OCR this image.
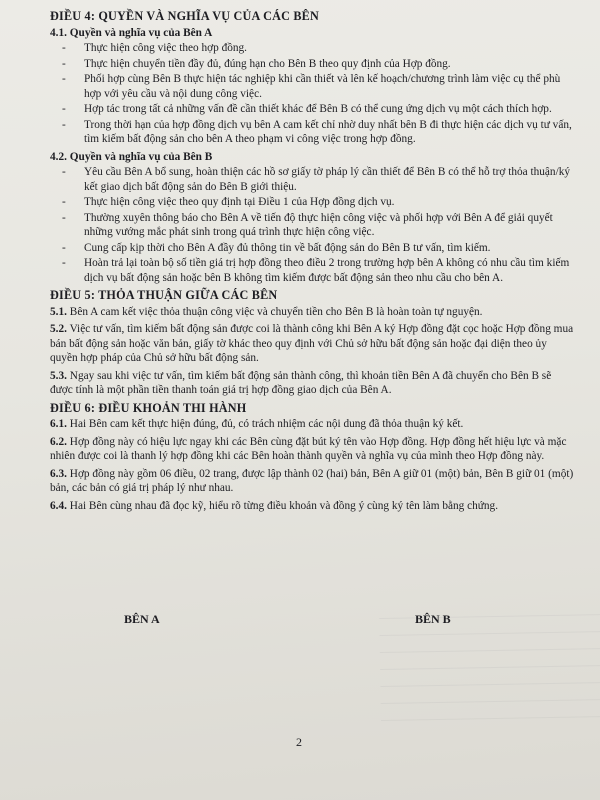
ĐIỀU 4: QUYỀN VÀ NGHĨA VỤ CỦA CÁC BÊN
4.1. Quyền và nghĩa vụ của Bên A
- Thực hiện công việc theo hợp đồng.
- Thực hiện chuyển tiền đầy đủ, đúng hạn cho Bên B theo quy định của Hợp đồng.
- Phối hợp cùng Bên B thực hiện tác nghiệp khi cần thiết và lên kế hoạch/chương trình làm việc cụ thể phù hợp với yêu cầu và nội dung công việc.
- Hợp tác trong tất cả những vấn đề cần thiết khác để Bên B có thể cung ứng dịch vụ một cách thích hợp.
- Trong thời hạn của hợp đồng dịch vụ bên A cam kết chỉ nhờ duy nhất bên B đi thực hiện các dịch vụ tư vấn, tìm kiếm bất động sản cho bên A theo phạm vi công việc trong hợp đồng.
4.2. Quyền và nghĩa vụ của Bên B
- Yêu cầu Bên A bổ sung, hoàn thiện các hồ sơ giấy tờ pháp lý cần thiết để Bên B có thể hỗ trợ thỏa thuận/ký kết giao dịch bất động sản do Bên B giới thiệu.
- Thực hiện công việc theo quy định tại Điều 1 của Hợp đồng dịch vụ.
- Thường xuyên thông báo cho Bên A về tiến độ thực hiện công việc và phối hợp với Bên A để giải quyết những vướng mắc phát sinh trong quá trình thực hiện công việc.
- Cung cấp kịp thời cho Bên A đầy đủ thông tin về bất động sản do Bên B tư vấn, tìm kiếm.
- Hoàn trả lại toàn bộ số tiền giá trị hợp đồng theo điều 2 trong trường hợp bên A không có nhu cầu tìm kiếm dịch vụ bất động sản hoặc bên B không tìm kiếm được bất động sản theo nhu cầu cho bên A.
ĐIỀU 5: THỎA THUẬN GIỮA CÁC BÊN

5.1. Bên A cam kết việc thỏa thuận công việc và chuyển tiền cho Bên B là hoàn toàn tự nguyện.

5.2. Việc tư vấn, tìm kiếm bất động sản được coi là thành công khi Bên A ký Hợp đồng đặt cọc hoặc Hợp đồng mua bán bất động sản hoặc văn bản, giấy tờ khác theo quy định với Chủ sở hữu bất động sản hoặc đại diện theo ủy quyền hợp pháp của Chủ sở hữu bất động sản.

5.3. Ngay sau khi việc tư vấn, tìm kiếm bất động sản thành công, thì khoản tiền Bên A đã chuyển cho Bên B sẽ được tính là một phần tiền thanh toán giá trị hợp đồng giao dịch của Bên A.

ĐIỀU 6: ĐIỀU KHOẢN THI HÀNH

6.1. Hai Bên cam kết thực hiện đúng, đủ, có trách nhiệm các nội dung đã thỏa thuận ký kết.

6.2. Hợp đồng này có hiệu lực ngay khi các Bên cùng đặt bút ký tên vào Hợp đồng. Hợp đồng hết hiệu lực và mặc nhiên được coi là thanh lý hợp đồng khi các Bên hoàn thành quyền và nghĩa vụ của mình theo Hợp đồng này.

6.3. Hợp đồng này gồm 06 điều, 02 trang, được lập thành 02 (hai) bản, Bên A giữ 01 (một) bản, Bên B giữ 01 (một) bản, các bản có giá trị pháp lý như nhau.

6.4. Hai Bên cùng nhau đã đọc kỹ, hiểu rõ từng điều khoản và đồng ý cùng ký tên làm bằng chứng.

BÊN A	BÊN B
2
